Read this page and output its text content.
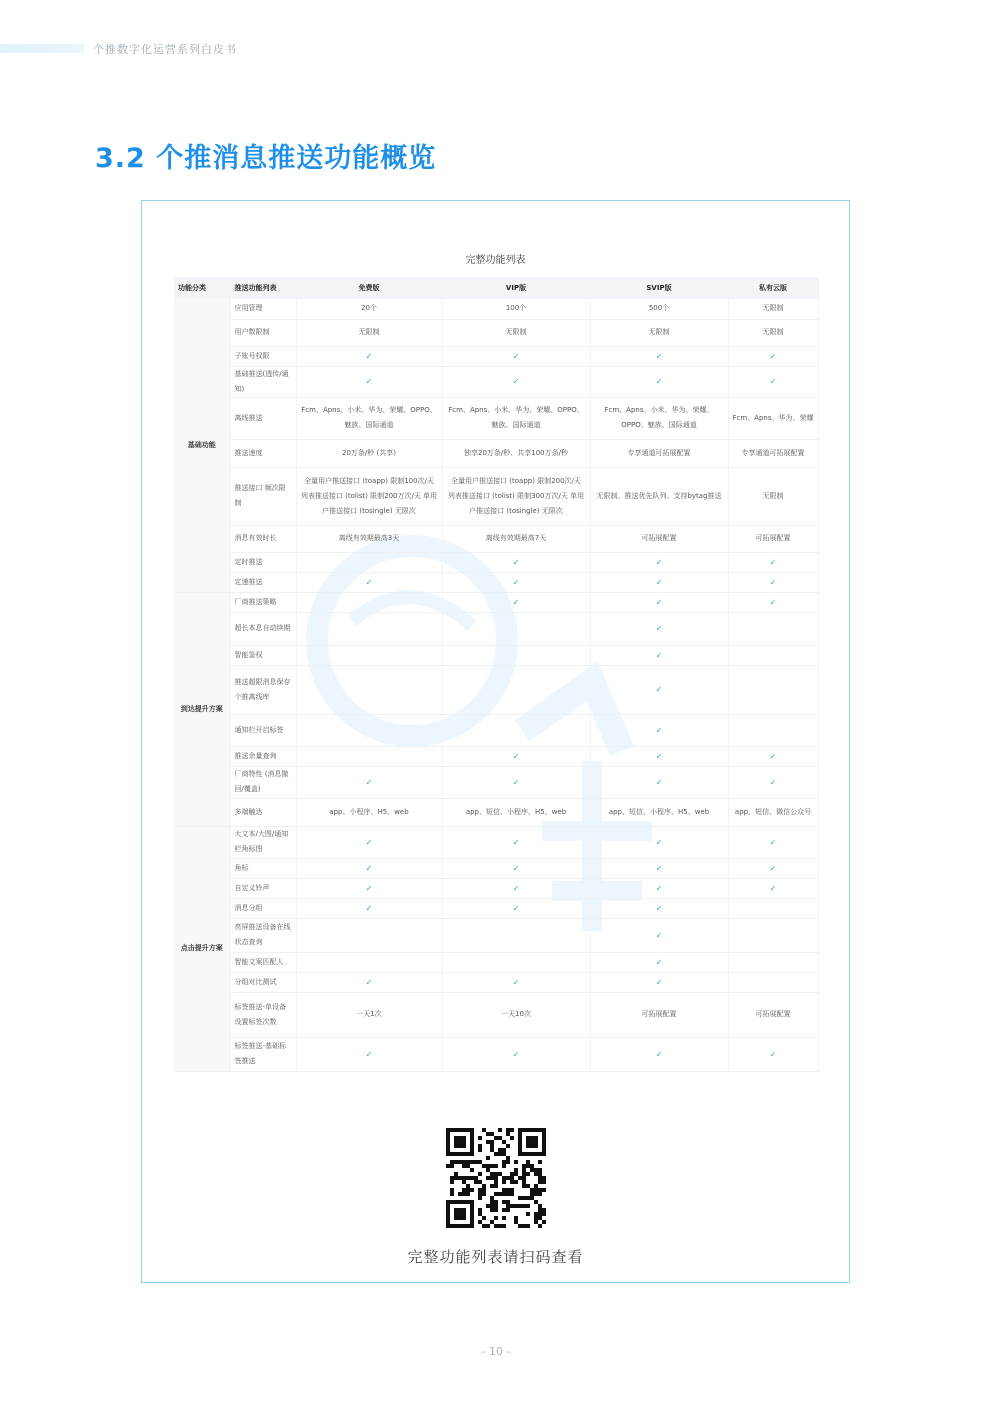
个推数字化运营系列白皮书
3.2 个推消息推送功能概览
完整功能列表
功能分类	推送功能列表	免费版	VIP版	SVIP版	私有云版
基础功能	应用管理	20个	100个	500个	无限制
	用户数限制	无限制	无限制	无限制	无限制
	子账号权限	✓	✓	✓	✓
	基础推送(透传/通知)	✓	✓	✓	✓
	离线推送	Fcm、Apns、小米、华为、荣耀、OPPO、魅族、国际通道	Fcm、Apns、小米、华为、荣耀、OPPO、魅族、国际通道	Fcm、Apns、小米、华为、荣耀、OPPO、魅族、国际通道	Fcm、Apns、华为、荣耀
	推送速度	20万条/秒 (共享)	独享20万条/秒、共享100万条/秒	专享通道可拓展配置	专享通道可拓展配置
	推送接口 频次限制	全量用户推送接口 (toapp) 限制100次/天 列表推送接口 (tolist) 限制200万次/天 单用户推送接口 (tosingle) 无限次	全量用户推送接口 (toapp) 限制200次/天 列表推送接口 (tolist) 限制300万次/天 单用户推送接口 (tosingle) 无限次	无限制、推送优先队列、支持bytag推送	无限制
	消息有效时长	离线有效期最高3天	离线有效期最高7天	可拓展配置	可拓展配置
	定时推送		✓	✓	✓
	定速推送	✓	✓	✓	✓
到达提升方案	厂商推送策略		✓	✓	✓
	超长本息自动续期			✓	
	智能鉴权			✓	
	推送超限消息保存个推离线库			✓	
	通知栏开启标签			✓	
	推送余量查询		✓	✓	✓
	厂商特性 (消息撤回/覆盖)	✓	✓	✓	✓
	多端触达	app、小程序、H5、web	app、短信、小程序、H5、web	app、短信、小程序、H5、web	app、短信、微信公众号
点击提升方案	大文本/大图/通知栏角标图	✓	✓	✓	✓
	角标	✓	✓	✓	✓
	自定义铃声	✓	✓	✓	✓
	消息分组	✓	✓	✓	
	亮屏推送设备在线状态查询			✓	
	智能文案匹配人			✓	
	分组对比测试	✓	✓	✓	
	标签推送-单设备设置标签次数	一天1次	一天10次	可拓展配置	可拓展配置
	标签推送-基础标签推送	✓	✓	✓	✓
完整功能列表请扫码查看
- 10 -
